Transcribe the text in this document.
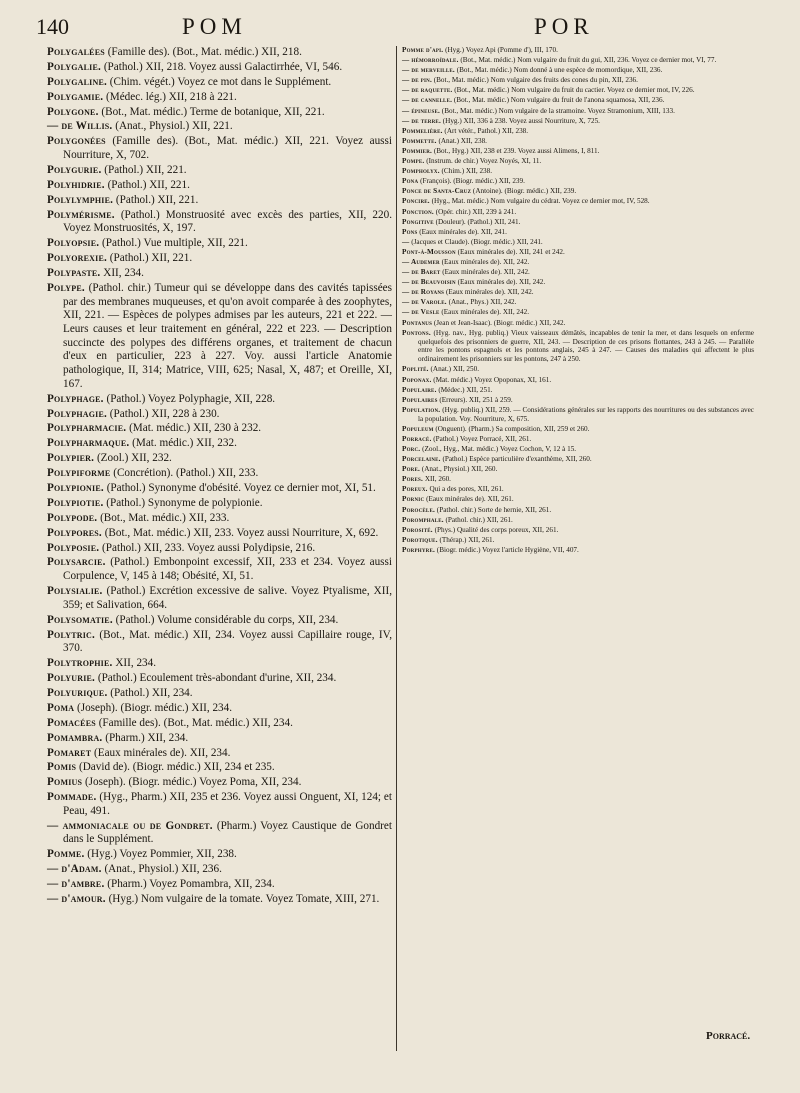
140	POM	POR
Polygalées (Famille des). (Bot., Mat. médic.) XII, 218.
Polygalie. (Pathol.) XII, 218. Voyez aussi Galactirrhée, VI, 546.
Polygaline. (Chim. végét.) Voyez ce mot dans le Supplément.
Polygamie. (Médec. lég.) XII, 218 à 221.
Polygone. (Bot., Mat. médic.) Terme de botanique, XII, 221.
— de Willis. (Anat., Physiol.) XII, 221.
Polygonées (Famille des). (Bot., Mat. médic.) XII, 221. Voyez aussi Nourriture, X, 702.
Polygurie. (Pathol.) XII, 221.
Polyhidrie. (Pathol.) XII, 221.
Polylymphie. (Pathol.) XII, 221.
Polymérisme. (Pathol.) Monstruosité avec excès des parties, XII, 220. Voyez Monstruosités, X, 197.
Polyopsie. (Pathol.) Vue multiple, XII, 221.
Polyorexie. (Pathol.) XII, 221.
Polypaste. XII, 234.
Polype. (Pathol. chir.) Tumeur qui se développe dans des cavités tapissées par des membranes muqueuses, et qu'on avoit comparée à des zoophytes, XII, 221. — Espèces de polypes admises par les auteurs, 221 et 222. — Leurs causes et leur traitement en général, 222 et 223. — Description succincte des polypes des différens organes, et traitement de chacun d'eux en particulier, 223 à 227. Voy. aussi l'article Anatomie pathologique, II, 314; Matrice, VIII, 625; Nasal, X, 487; et Oreille, XI, 167.
Polyphage. (Pathol.) Voyez Polyphagie, XII, 228.
Polyphagie. (Pathol.) XII, 228 à 230.
Polypharmacie. (Mat. médic.) XII, 230 à 232.
Polypharmaque. (Mat. médic.) XII, 232.
Polypier. (Zool.) XII, 232.
Polypiforme (Concrétion). (Pathol.) XII, 233.
Polypionie. (Pathol.) Synonyme d'obésité. Voyez ce dernier mot, XI, 51.
Polypiotie. (Pathol.) Synonyme de polypionie.
Polypode. (Bot., Mat. médic.) XII, 233.
Polypores. (Bot., Mat. médic.) XII, 233. Voyez aussi Nourriture, X, 692.
Polyposie. (Pathol.) XII, 233. Voyez aussi Polydipsie, 216.
Polysarcie. (Pathol.) Embonpoint excessif, XII, 233 et 234. Voyez aussi Corpulence, V, 145 à 148; Obésité, XI, 51.
Polysialie. (Pathol.) Excrétion excessive de salive. Voyez Ptyalisme, XII, 359; et Salivation, 664.
Polysomatie. (Pathol.) Volume considérable du corps, XII, 234.
Polytric. (Bot., Mat. médic.) XII, 234. Voyez aussi Capillaire rouge, IV, 370.
Polytrophie. XII, 234.
Polyurie. (Pathol.) Ecoulement très-abondant d'urine, XII, 234.
Polyurique. (Pathol.) XII, 234.
Poma (Joseph). (Biogr. médic.) XII, 234.
Pomacées (Famille des). (Bot., Mat. médic.) XII, 234.
Pomambra. (Pharm.) XII, 234.
Pomaret (Eaux minérales de). XII, 234.
Pomis (David de). (Biogr. médic.) XII, 234 et 235.
Pomius (Joseph). (Biogr. médic.) Voyez Poma, XII, 234.
Pommade. (Hyg., Pharm.) XII, 235 et 236. Voyez aussi Onguent, XI, 124; et Peau, 491.
— ammoniacale ou de Gondret. (Pharm.) Voyez Caustique de Gondret dans le Supplément.
Pomme. (Hyg.) Voyez Pommier, XII, 238.
— d'Adam. (Anat., Physiol.) XII, 236.
— d'ambre. (Pharm.) Voyez Pomambra, XII, 234.
— d'amour. (Hyg.) Nom vulgaire de la tomate. Voyez Tomate, XIII, 271.
Pomme d'api. (Hyg.) Voyez Api (Pomme d'), III, 170.
— hémorroïdale. (Bot., Mat. médic.) Nom vulgaire du fruit du gui, XII, 236. Voyez ce dernier mot, VI, 77.
— de merveille. (Bot., Mat. médic.) Nom donné à une espèce de momordique, XII, 236.
— de pin. (Bot., Mat. médic.) Nom vulgaire des fruits des cones du pin, XII, 236.
— de raquette. (Bot., Mat. médic.) Nom vulgaire du fruit du cactier. Voyez ce dernier mot, IV, 226.
— de cannelle. (Bot., Mat. médic.) Nom vulgaire du fruit de l'anona squamosa, XII, 236.
— épineuse. (Bot., Mat. médic.) Nom vulgaire de la stramoine. Voyez Stramonium, XIII, 133.
— de terre. (Hyg.) XII, 336 à 238. Voyez aussi Nourriture, X, 725.
Pommelière. (Art vétér., Pathol.) XII, 238.
Pommette. (Anat.) XII, 238.
Pommier. (Bot., Hyg.) XII, 238 et 239. Voyez aussi Alimens, I, 811.
Pompe. (Instrum. de chir.) Voyez Noyés, XI, 11.
Pompholyx. (Chim.) XII, 238.
Pona (François). (Biogr. médic.) XII, 239.
Ponce de Santa-Cruz (Antoine). (Biogr. médic.) XII, 239.
Poncire. (Hyg., Mat. médic.) Nom vulgaire du cédrat. Voyez ce dernier mot, IV, 528.
Ponction. (Opér. chir.) XII, 239 à 241.
Pongitive (Douleur). (Pathol.) XII, 241.
Pons (Eaux minérales de). XII, 241.
— (Jacques et Claude). (Biogr. médic.) XII, 241.
Pont-à-Mousson (Eaux minérales de). XII, 241 et 242.
— Audemer (Eaux minérales de). XII, 242.
— de Baret (Eaux minérales de). XII, 242.
— de Beauvoisin (Eaux minérales de). XII, 242.
— de Royans (Eaux minérales de). XII, 242.
— de Varole. (Anat., Phys.) XII, 242.
— de Vesle (Eaux minérales de). XII, 242.
Pontanus (Jean et Jean-Isaac). (Biogr. médic.) XII, 242.
Pontons. (Hyg. nav., Hyg. publiq.) Vieux vaisseaux démâtés, incapables de tenir la mer, et dans lesquels on enferme quelquefois des prisonniers de guerre, XII, 243. — Description de ces prisons flottantes, 243 à 245. — Parallèle entre les pontons espagnols et les pontons anglais, 245 à 247. — Causes des maladies qui affectent le plus ordinairement les prisonniers sur les pontons, 247 à 250.
Poplité. (Anat.) XII, 250.
Poponax. (Mat. médic.) Voyez Opoponax, XI, 161.
Populaire. (Médec.) XII, 251.
Populaires (Erreurs). XII, 251 à 259.
Population. (Hyg. publiq.) XII, 259. — Considérations générales sur les rapports des nourritures ou des substances avec la population. Voy. Nourriture, X, 675.
Populeum (Onguent). (Pharm.) Sa composition, XII, 259 et 260.
Porracé. (Pathol.) Voyez Porracé, XII, 261.
Porc. (Zool., Hyg., Mat. médic.) Voyez Cochon, V, 12 à 15.
Porcelaine. (Pathol.) Espèce particulière d'exanthème, XII, 260.
Pore. (Anat., Physiol.) XII, 260.
Pores. XII, 260.
Poreux. Qui a des pores, XII, 261.
Pornic (Eaux minérales de). XII, 261.
Porocèle. (Pathol. chir.) Sorte de hernie, XII, 261.
Poromphale. (Pathol. chir.) XII, 261.
Porosité. (Phys.) Qualité des corps poreux, XII, 261.
Porotique. (Thérap.) XII, 261.
Porphyre. (Biogr. médic.) Voyez l'article Hygiène, VII, 407.
Porracé.
